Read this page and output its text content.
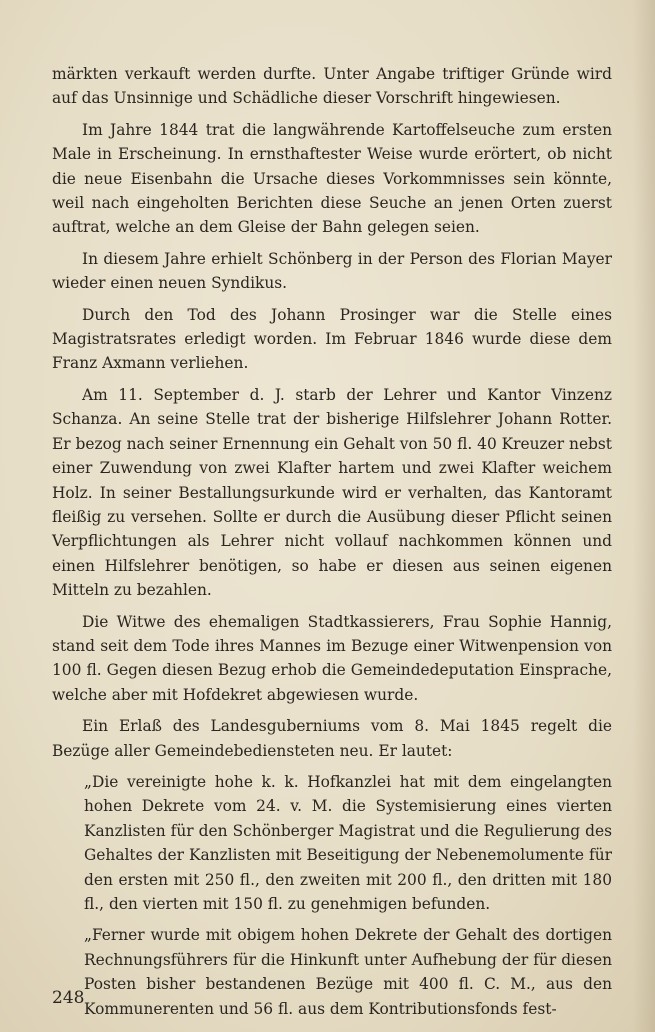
märkten verkauft werden durfte. Unter Angabe triftiger Gründe wird auf das Unsinnige und Schädliche dieser Vorschrift hingewiesen.

Im Jahre 1844 trat die langwährende Kartoffelseuche zum ersten Male in Erscheinung. In ernsthaftester Weise wurde erörtert, ob nicht die neue Eisenbahn die Ursache dieses Vorkommnisses sein könnte, weil nach eingeholten Berichten diese Seuche an jenen Orten zuerst auftrat, welche an dem Gleise der Bahn gelegen seien.

In diesem Jahre erhielt Schönberg in der Person des Florian Mayer wieder einen neuen Syndikus.

Durch den Tod des Johann Prosinger war die Stelle eines Magistratsrates erledigt worden. Im Februar 1846 wurde diese dem Franz Axmann verliehen.

Am 11. September d. J. starb der Lehrer und Kantor Vinzenz Schanza. An seine Stelle trat der bisherige Hilfslehrer Johann Rotter. Er bezog nach seiner Ernennung ein Gehalt von 50 fl. 40 Kreuzer nebst einer Zuwendung von zwei Klafter hartem und zwei Klafter weichem Holz. In seiner Bestallungsurkunde wird er verhalten, das Kantoramt fleißig zu versehen. Sollte er durch die Ausübung dieser Pflicht seinen Verpflichtungen als Lehrer nicht vollauf nachkommen können und einen Hilfslehrer benötigen, so habe er diesen aus seinen eigenen Mitteln zu bezahlen.

Die Witwe des ehemaligen Stadtkassierers, Frau Sophie Hannig, stand seit dem Tode ihres Mannes im Bezuge einer Witwenpension von 100 fl. Gegen diesen Bezug erhob die Gemeindedeputation Einsprache, welche aber mit Hofdekret abgewiesen wurde.

Ein Erlaß des Landesguberniums vom 8. Mai 1845 regelt die Bezüge aller Gemeindebediensteten neu. Er lautet:

„Die vereinigte hohe k. k. Hofkanzlei hat mit dem eingelangten hohen Dekrete vom 24. v. M. die Systemisierung eines vierten Kanzlisten für den Schönberger Magistrat und die Regulierung des Gehaltes der Kanzlisten mit Beseitigung der Nebenemolumente für den ersten mit 250 fl., den zweiten mit 200 fl., den dritten mit 180 fl., den vierten mit 150 fl. zu genehmigen befunden.

„Ferner wurde mit obigem hohen Dekrete der Gehalt des dortigen Rechnungsführers für die Hinkunft unter Aufhebung der für diesen Posten bisher bestandenen Bezüge mit 400 fl. C. M., aus den Kommunerenten und 56 fl. aus dem Kontributionsfonds fest-

248
